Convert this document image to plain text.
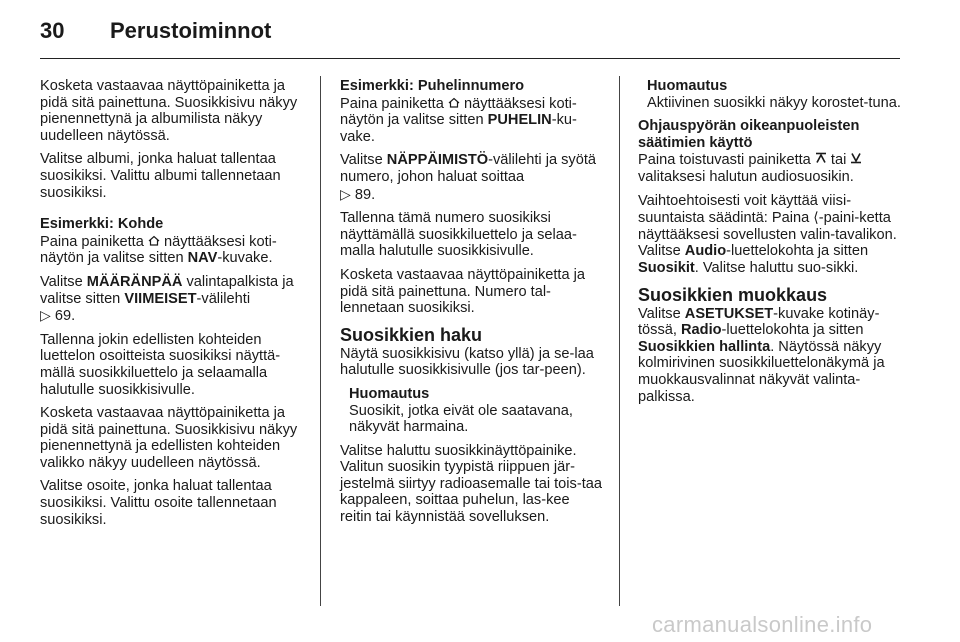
30	Perustoiminnot

Kosketa vastaavaa näyttöpainiketta ja pidä sitä painettuna. Suosikkisivu näkyy pienennettynä ja albumilista näkyy uudelleen näytössä.

Valitse albumi, jonka haluat tallentaa suosikiksi. Valittu albumi tallennetaan suosikiksi.

Esimerkki: Kohde

Paina painiketta  näyttääksesi koti-näytön ja valitse sitten NAV-kuvake.

Valitse MÄÄRÄNPÄÄ valintapalkista ja valitse sitten VIIMEISET-välilehti
▷ 69.

Tallenna jokin edellisten kohteiden luettelon osoitteista suosikiksi näyttä-mällä suosikkiluettelo ja selaamalla halutulle suosikkisivulle.

Kosketa vastaavaa näyttöpainiketta ja pidä sitä painettuna. Suosikkisivu näkyy pienennettynä ja edellisten kohteiden valikko näkyy uudelleen näytössä.

Valitse osoite, jonka haluat tallentaa suosikiksi. Valittu osoite tallennetaan suosikiksi.

Esimerkki: Puhelinnumero

Paina painiketta  näyttääksesi koti-näytön ja valitse sitten PUHELIN-ku-vake.

Valitse NÄPPÄIMISTÖ-välilehti ja syötä numero, johon haluat soittaa
▷ 89.

Tallenna tämä numero suosikiksi näyttämällä suosikkiluettelo ja selaa-malla halutulle suosikkisivulle.

Kosketa vastaavaa näyttöpainiketta ja pidä sitä painettuna. Numero tal-lennetaan suosikiksi.

Suosikkien haku

Näytä suosikkisivu (katso yllä) ja se-laa halutulle suosikkisivulle (jos tar-peen).

Huomautus
Suosikit, jotka eivät ole saatavana, näkyvät harmaina.

Valitse haluttu suosikkinäyttöpainike. Valitun suosikin tyypistä riippuen jär-jestelmä siirtyy radioasemalle tai tois-taa kappaleen, soittaa puhelun, las-kee reitin tai käynnistää sovelluksen.

Huomautus
Aktiivinen suosikki näkyy korostet-tuna.

Ohjauspyörän oikeanpuoleisten säätimien käyttö

Paina toistuvasti painiketta  tai  valitaksesi halutun audiosuosikin.

Vaihtoehtoisesti voit käyttää viisi-suuntaista säädintä: Paina ⟨-paini-ketta näyttääksesi sovellusten valin-tavalikon. Valitse Audio-luettelokohta ja sitten Suosikit. Valitse haluttu suo-sikki.

Suosikkien muokkaus

Valitse ASETUKSET-kuvake kotinäy-tössä, Radio-luettelokohta ja sitten Suosikkien hallinta. Näytössä näkyy kolmirivinen suosikkiluettelonäkymä ja muokkausvalinnat näkyvät valinta-palkissa.

carmanualsonline.info
